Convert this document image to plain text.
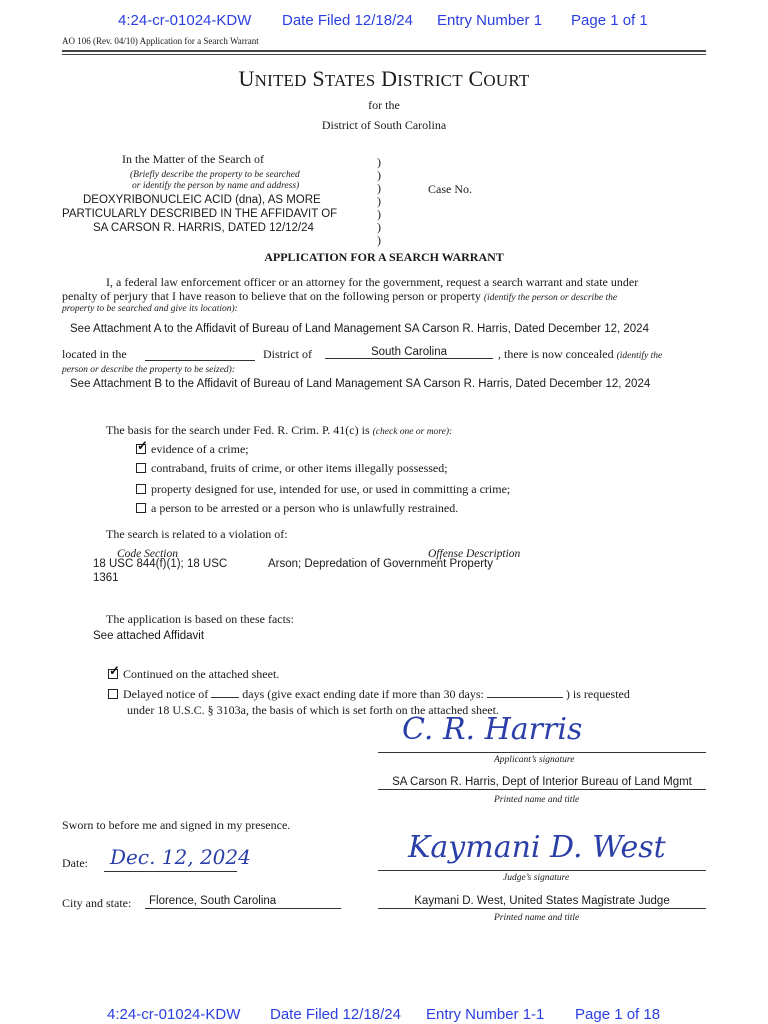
4:24-cr-01024-KDW Date Filed 12/18/24 Entry Number 1 Page 1 of 1
AO 106 (Rev. 04/10) Application for a Search Warrant
UNITED STATES DISTRICT COURT
for the
District of South Carolina
In the Matter of the Search of
(Briefly describe the property to be searched
or identify the person by name and address)
DEOXYRIBONUCLEIC ACID (dna), AS MORE
PARTICULARLY DESCRIBED IN THE AFFIDAVIT OF
SA CARSON R. HARRIS, DATED 12/12/24
)
)
)
)
)
)
)
Case No.
APPLICATION FOR A SEARCH WARRANT
I, a federal law enforcement officer or an attorney for the government, request a search warrant and state under
penalty of perjury that I have reason to believe that on the following person or property (identify the person or describe the
property to be searched and give its location):
See Attachment A to the Affidavit of Bureau of Land Management SA Carson R. Harris, Dated December 12, 2024
located in the	District of	South Carolina	, there is now concealed (identify the
person or describe the property to be seized):
See Attachment B to the Affidavit of Bureau of Land Management SA Carson R. Harris, Dated December 12, 2024
The basis for the search under Fed. R. Crim. P. 41(c) is (check one or more):
✓evidence of a crime;
contraband, fruits of crime, or other items illegally possessed;
property designed for use, intended for use, or used in committing a crime;
a person to be arrested or a person who is unlawfully restrained.
The search is related to a violation of:
Code Section	Offense Description
18 USC 844(f)(1); 18 USC
1361
Arson; Depredation of Government Property
The application is based on these facts:
See attached Affidavit
✓Continued on the attached sheet.
Delayed notice of	days (give exact ending date if more than 30 days:	) is requested
under 18 U.S.C. § 3103a, the basis of which is set forth on the attached sheet.
C. R. Harris
Applicant’s signature
SA Carson R. Harris, Dept of Interior Bureau of Land Mgmt
Printed name and title
Sworn to before me and signed in my presence.
Date: Dec. 12, 2024	Kaymani D. West
Judge’s signature
Kaymani D. West, United States Magistrate Judge
Printed name and title
City and state:	Florence, South Carolina
4:24-cr-01024-KDW Date Filed 12/18/24 Entry Number 1-1 Page 1 of 18
